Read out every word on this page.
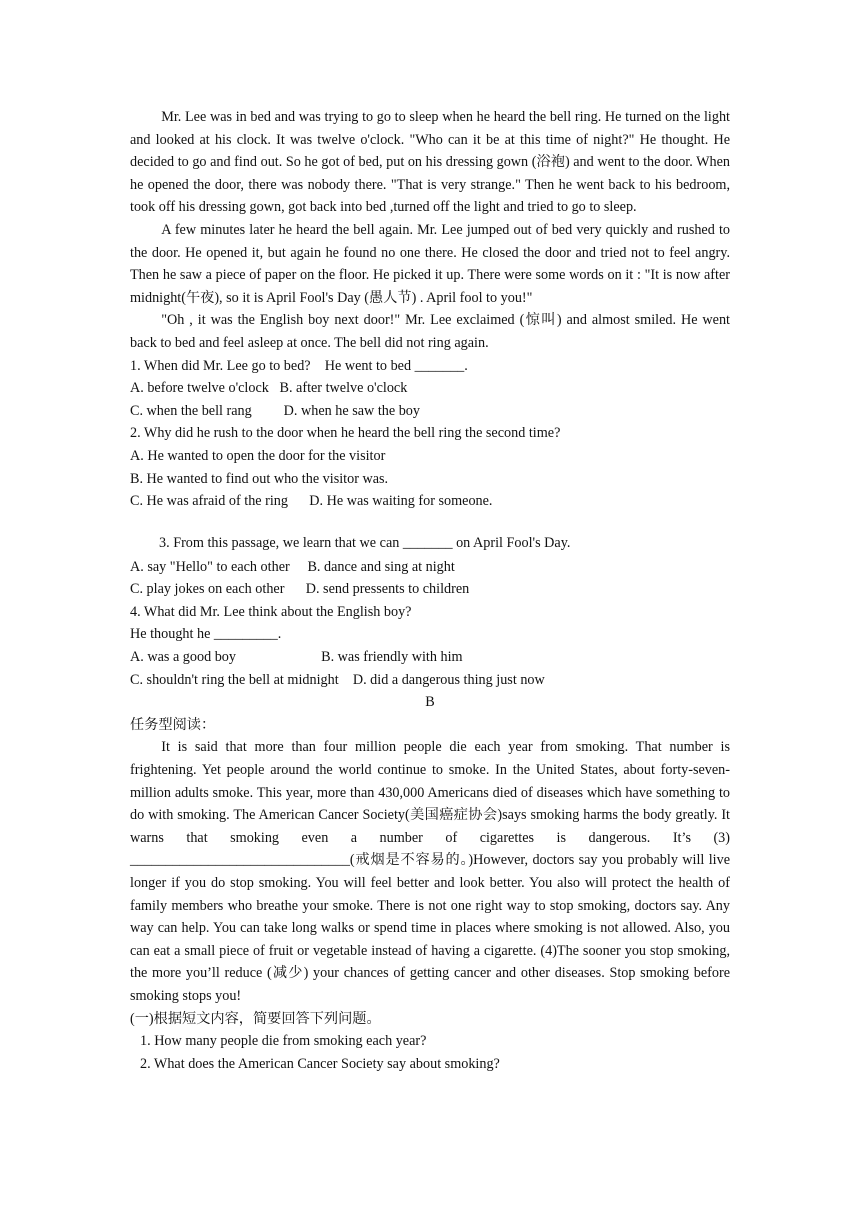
Mr. Lee was in bed and was trying to go to sleep when he heard the bell ring. He turned on the light and looked at his clock. It was twelve o'clock. "Who can it be at this time of night?" He thought. He decided to go and find out. So he got of bed, put on his dressing gown (浴袍) and went to the door. When he opened the door, there was nobody there. "That is very strange." Then he went back to his bedroom, took off his dressing gown, got back into bed ,turned off the light and tried to go to sleep.

A few minutes later he heard the bell again. Mr. Lee jumped out of bed very quickly and rushed to the door. He opened it, but again he found no one there. He closed the door and tried not to feel angry. Then he saw a piece of paper on the floor. He picked it up. There were some words on it : "It is now after midnight(午夜), so it is April Fool's Day (愚人节) . April fool to you!"

"Oh , it was the English boy next door!" Mr. Lee exclaimed (惊叫) and almost smiled. He went back to bed and feel asleep at once. The bell did not ring again.

1. When did Mr. Lee go to bed?    He went to bed _______.

A. before twelve o'clock   B. after twelve o'clock

C. when the bell rang         D. when he saw the boy

2. Why did he rush to the door when he heard the bell ring the second time?

A. He wanted to open the door for the visitor

B. He wanted to find out who the visitor was.

C. He was afraid of the ring      D. He was waiting for someone.

3. From this passage, we learn that we can _______ on April Fool's Day.

A. say "Hello" to each other     B. dance and sing at night

C. play jokes on each other      D. send pressents to children

4. What did Mr. Lee think about the English boy?

He thought he _________.

A. was a good boy                        B. was friendly with him

C. shouldn't ring the bell at midnight    D. did a dangerous thing just now

B

任务型阅读：

It is said that more than four million people die each year from smoking. That number is frightening. Yet people around the world continue to smoke. In the United States, about forty-seven-million adults smoke. This year, more than 430,000 Americans died of diseases which have something to do with smoking. The American Cancer Society(美国癌症协会)says smoking harms the body greatly. It warns that smoking even a number of cigarettes is dangerous. It’s (3) _______________________________(戒烟是不容易的。)However, doctors say you probably will live longer if you do stop smoking. You will feel better and look better. You also will protect the health of family members who breathe your smoke. There is not one right way to stop smoking, doctors say. Any way can help. You can take long walks or spend time in places where smoking is not allowed. Also, you can eat a small piece of fruit or vegetable instead of having a cigarette. (4)The sooner you stop smoking, the more you’ll reduce (减少) your chances of getting cancer and other diseases. Stop smoking before smoking stops you!

(一)根据短文内容，简要回答下列问题。

1. How many people die from smoking each year?

2. What does the American Cancer Society say about smoking?
